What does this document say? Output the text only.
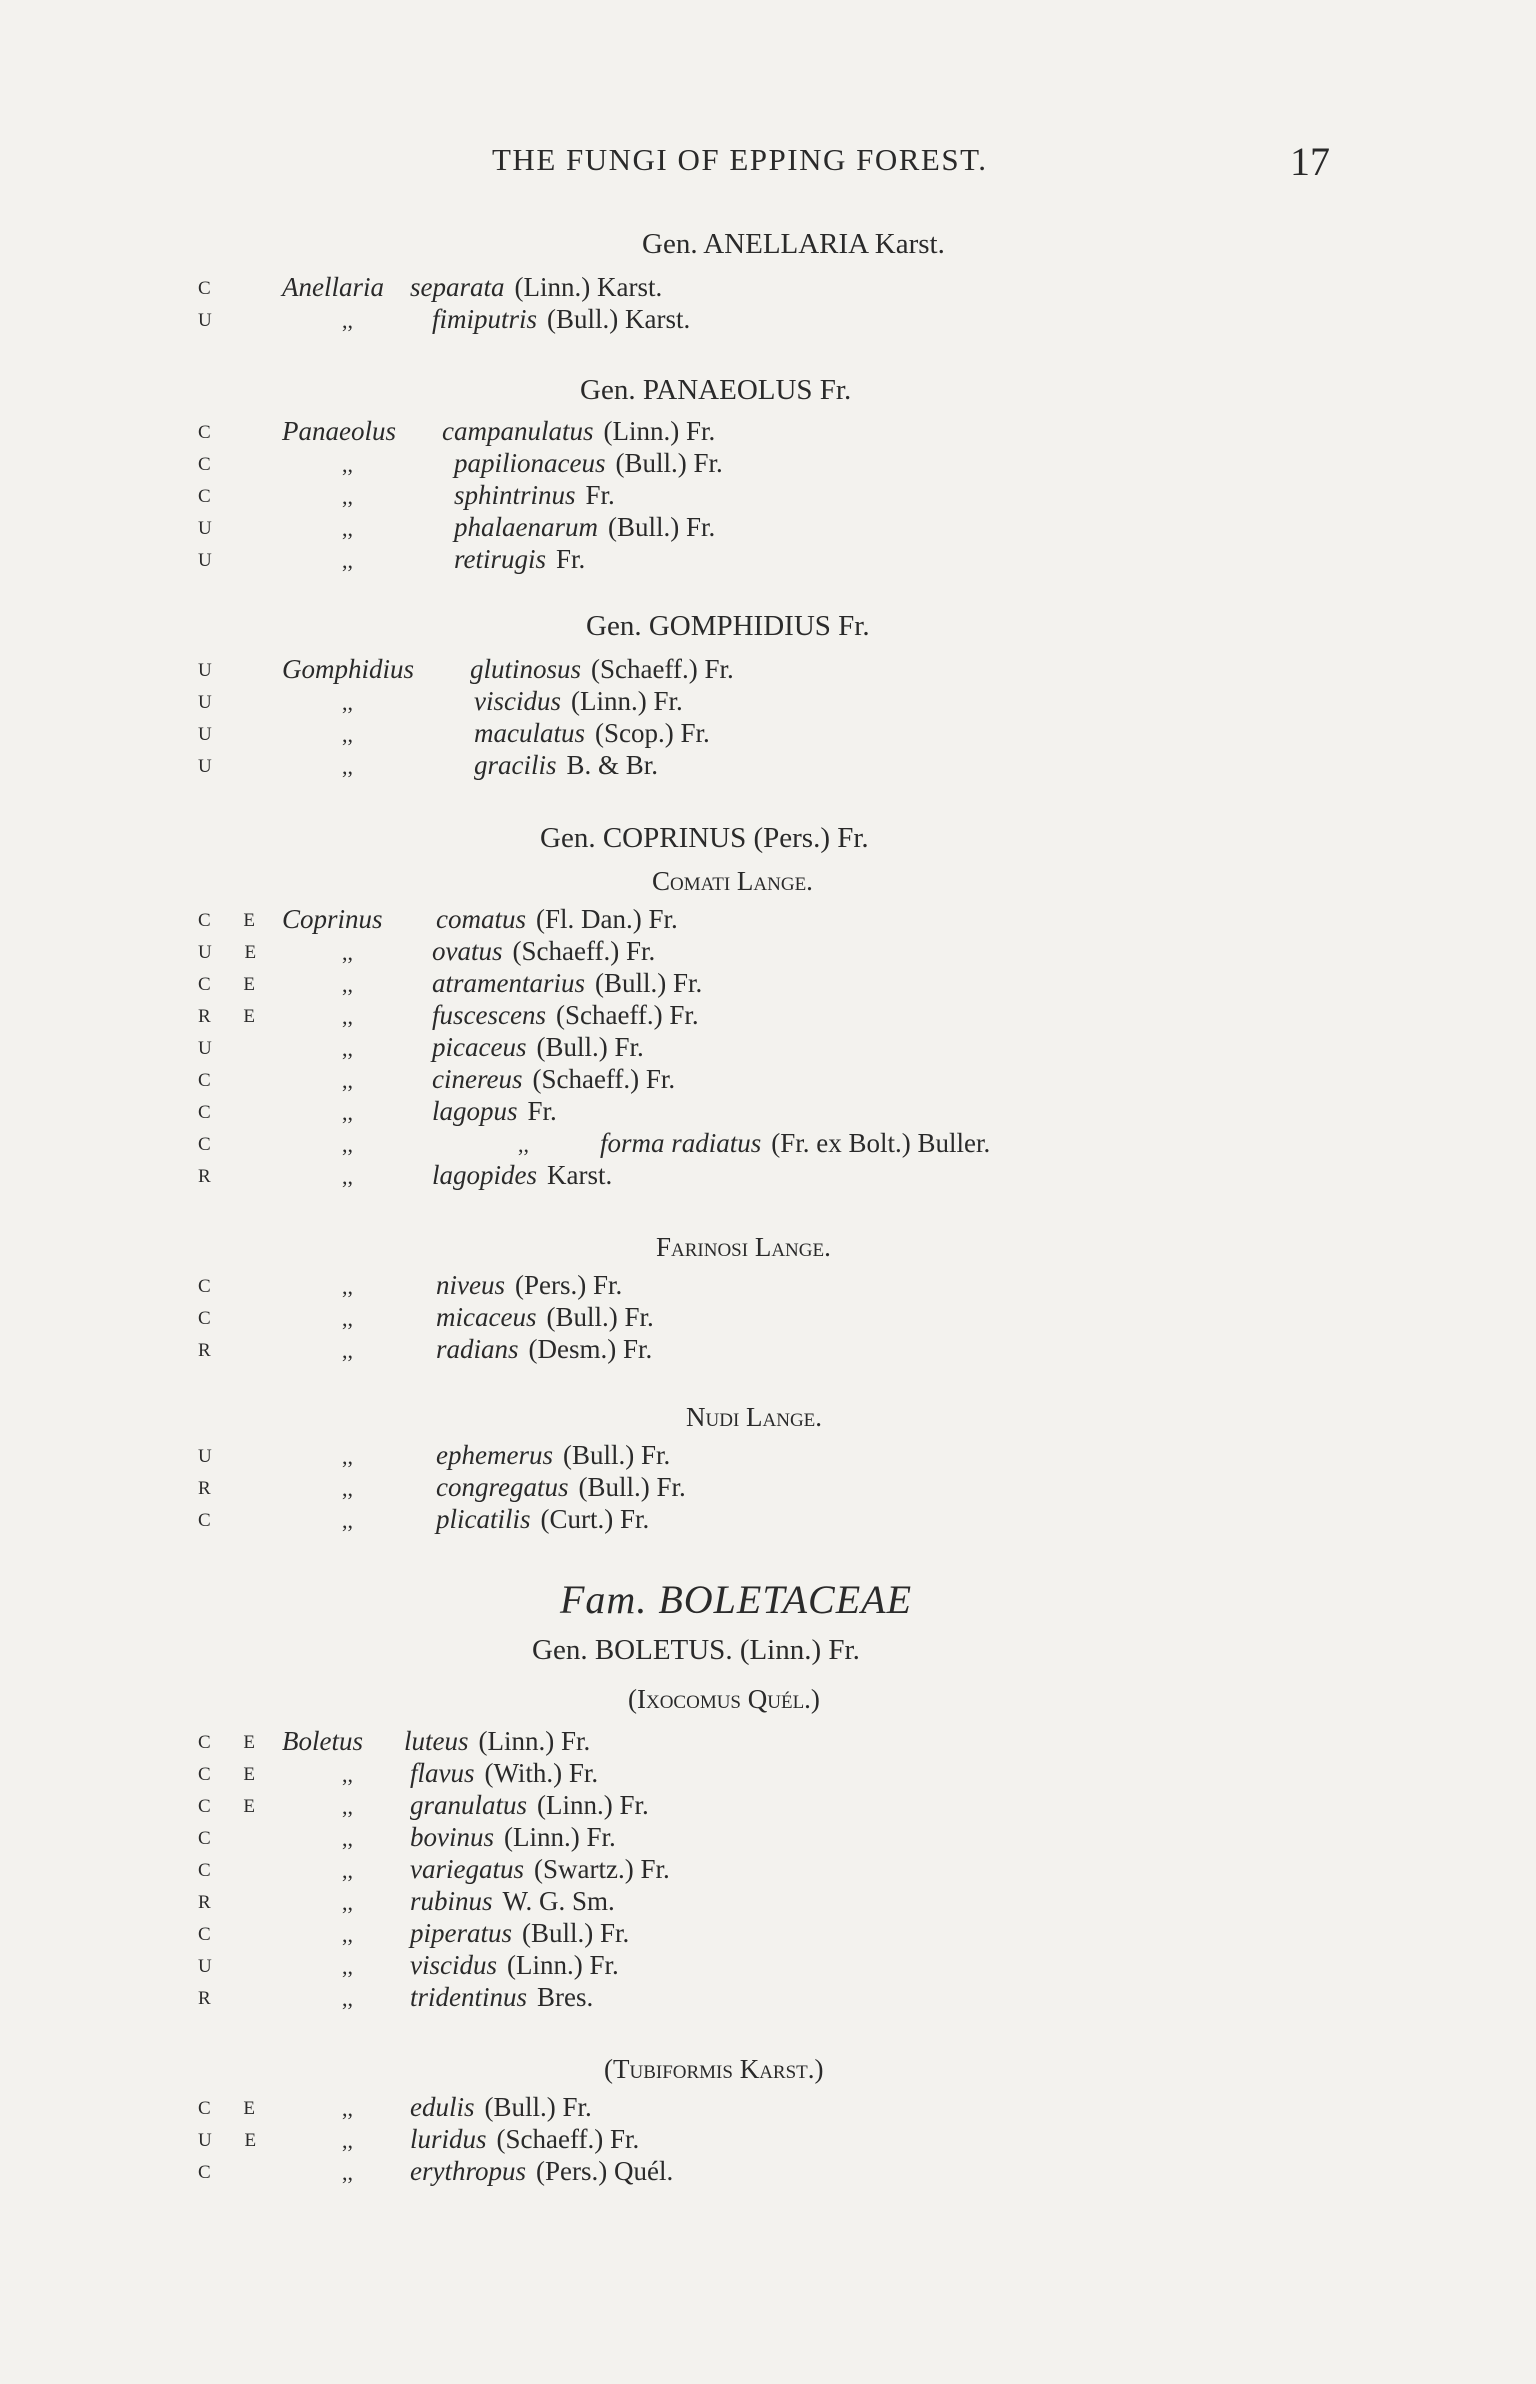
THE FUNGI OF EPPING FOREST.	17
Gen. ANELLARIA Karst.
C Anellaria separata (Linn.) Karst.
U	,,	fimiputris (Bull.) Karst.
Gen. PANAEOLUS Fr.
C Panaeolus campanulatus (Linn.) Fr.
C	,,	papilionaceus (Bull.) Fr.
C	,,	sphintrinus Fr.
U	,,	phalaenarum (Bull.) Fr.
U	,,	retirugis Fr.
Gen. GOMPHIDIUS Fr.
U Gomphidius glutinosus (Schaeff.) Fr.
U	,,	viscidus (Linn.) Fr.
U	,,	maculatus (Scop.) Fr.
U	,,	gracilis B. & Br.
Gen. COPRINUS (Pers.) Fr.
Comati Lange.
C E Coprinus comatus (Fl. Dan.) Fr.
U E	,,	ovatus (Schaeff.) Fr.
C E	,,	atramentarius (Bull.) Fr.
R E	,,	fuscescens (Schaeff.) Fr.
U	,,	picaceus (Bull.) Fr.
C	,,	cinereus (Schaeff.) Fr.
C	,,	lagopus Fr.
C	,,	,,	forma radiatus (Fr. ex Bolt.) Buller.
R	,,	lagopides Karst.
Farinosi Lange.
C	,,	niveus (Pers.) Fr.
C	,,	micaceus (Bull.) Fr.
R	,,	radians (Desm.) Fr.
Nudi Lange.
U	,,	ephemerus (Bull.) Fr.
R	,,	congregatus (Bull.) Fr.
C	,,	plicatilis (Curt.) Fr.
Fam. BOLETACEAE
Gen. BOLETUS. (Linn.) Fr.
(Ixocomus Quél.)
C E Boletus luteus (Linn.) Fr.
C E	,, flavus (With.) Fr.
C E	,, granulatus (Linn.) Fr.
C	,, bovinus (Linn.) Fr.
C	,, variegatus (Swartz.) Fr.
R	,, rubinus W. G. Sm.
C	,, piperatus (Bull.) Fr.
U	,, viscidus (Linn.) Fr.
R	,, tridentinus Bres.
(Tubiformis Karst.)
C E	,, edulis (Bull.) Fr.
U E	,, luridus (Schaeff.) Fr.
C	,, erythropus (Pers.) Quél.
